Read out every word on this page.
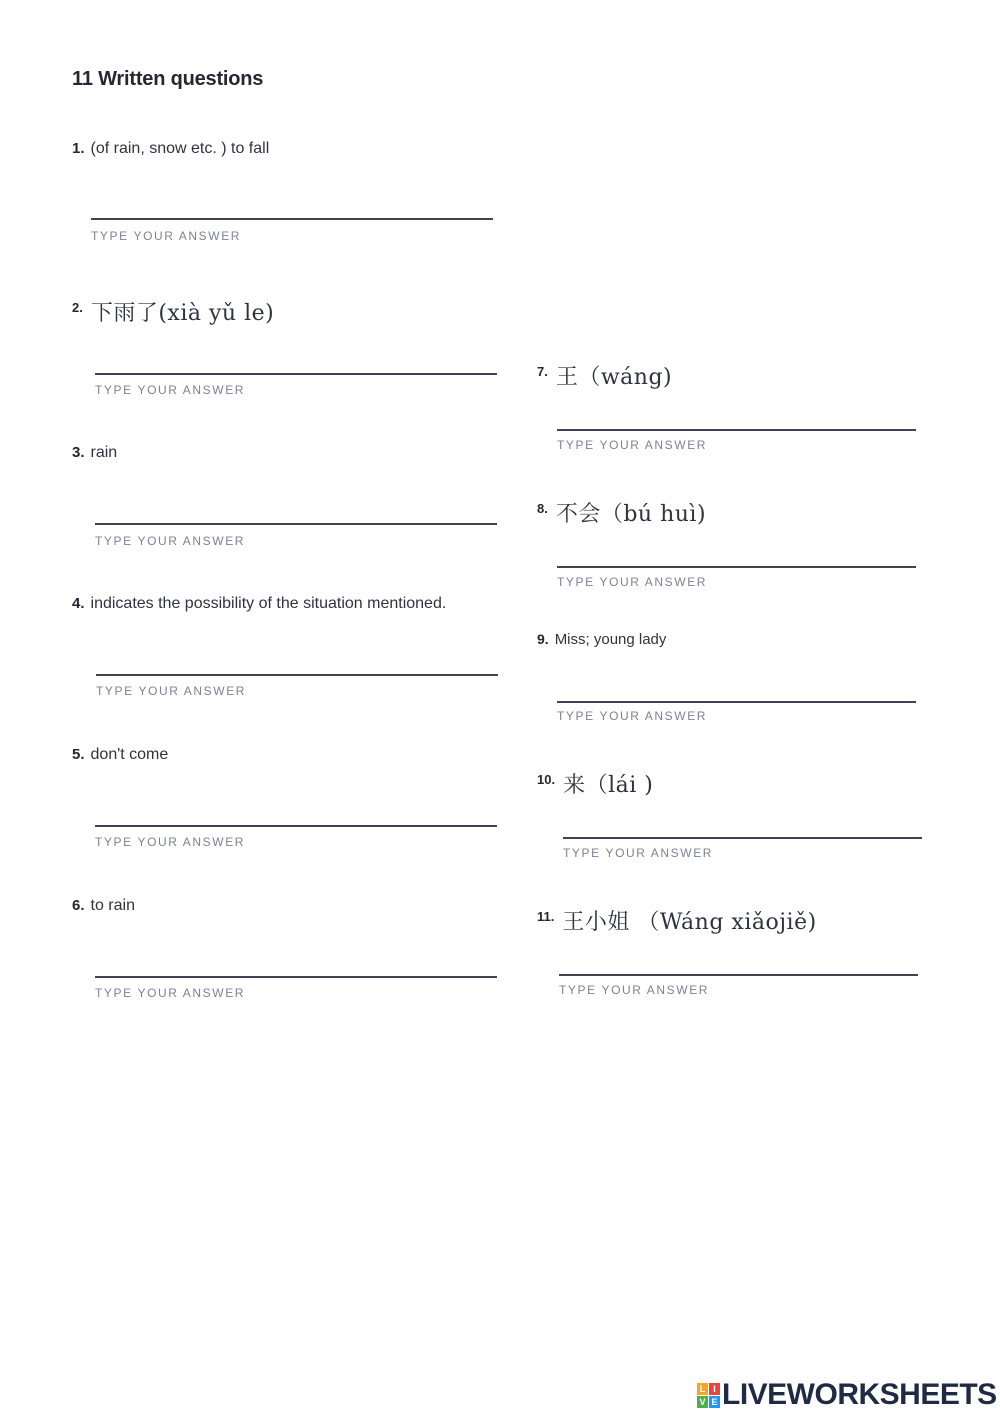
11 Written questions
1. (of rain, snow etc. ) to fall
TYPE YOUR ANSWER
2. 下雨了(xià yǔ le)
TYPE YOUR ANSWER
3. rain
TYPE YOUR ANSWER
4. indicates the possibility of the situation mentioned.
TYPE YOUR ANSWER
5. don't come
TYPE YOUR ANSWER
6. to rain
TYPE YOUR ANSWER
7. 王（wáng)
TYPE YOUR ANSWER
8. 不会（bú huì)
TYPE YOUR ANSWER
9. Miss; young lady
TYPE YOUR ANSWER
10. 来（lái )
TYPE YOUR ANSWER
11. 王小姐 （Wáng xiǎojiě)
TYPE YOUR ANSWER
L I
V E LIVEWORKSHEETS
